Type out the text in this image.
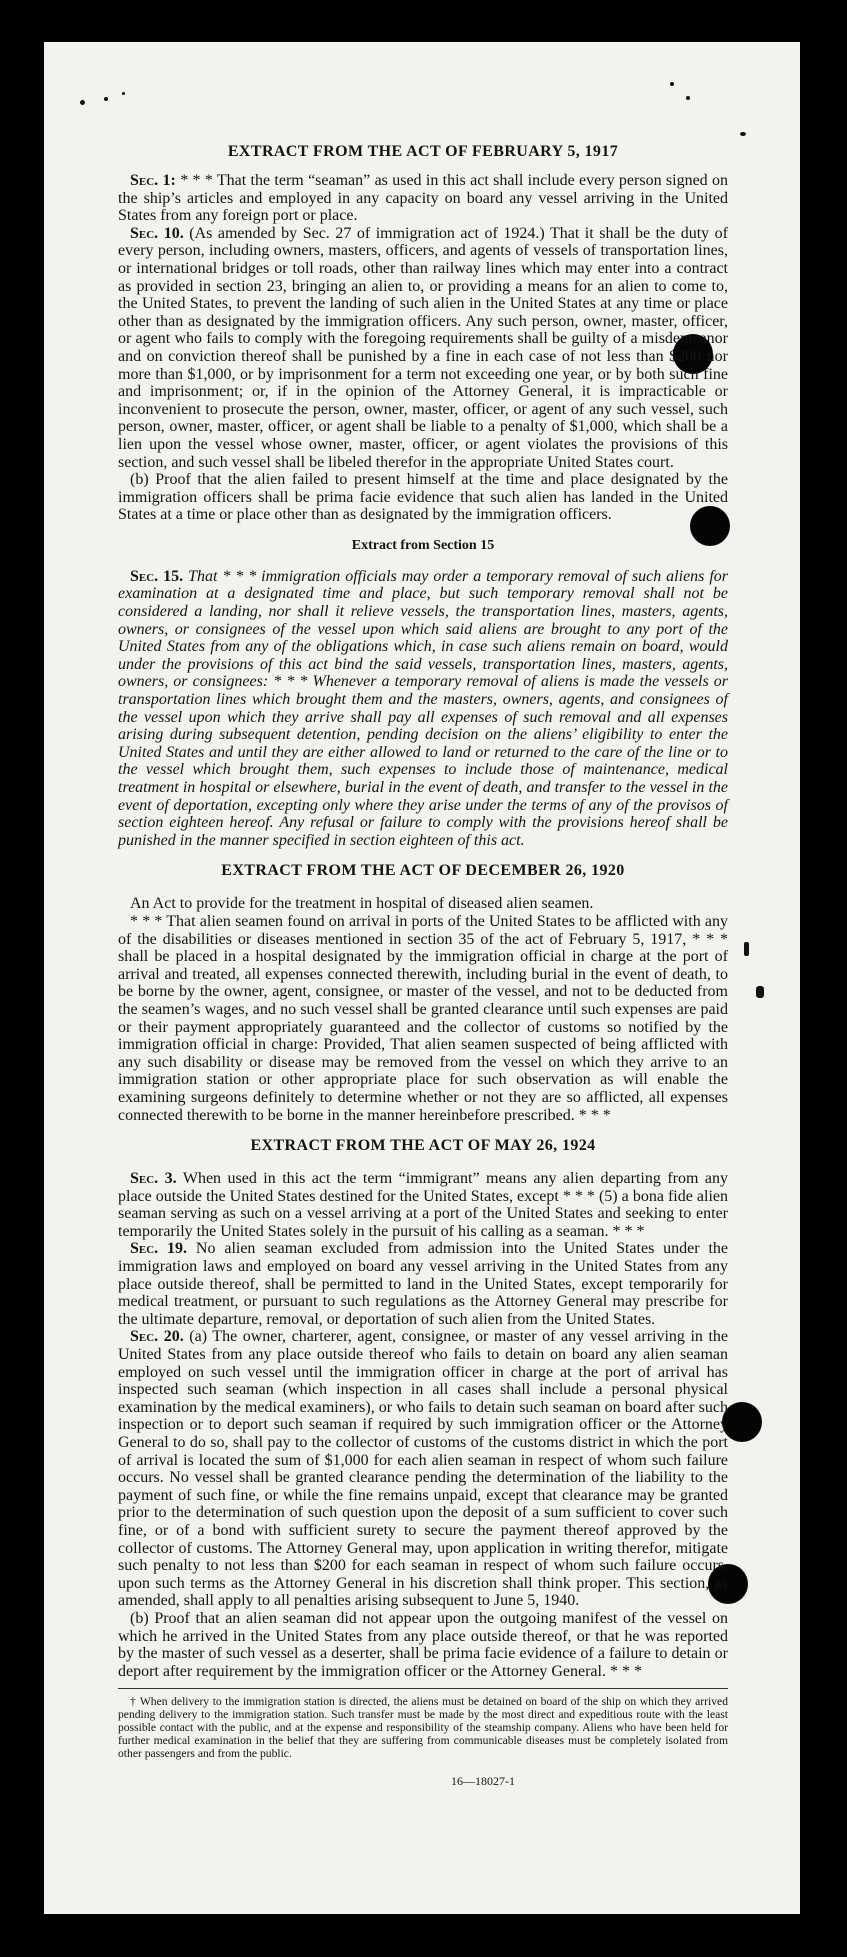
EXTRACT FROM THE ACT OF FEBRUARY 5, 1917

Sec. 1: * * * That the term “seaman” as used in this act shall include every person signed on the ship’s articles and employed in any capacity on board any vessel arriving in the United States from any foreign port or place.

Sec. 10. (As amended by Sec. 27 of immigration act of 1924.) That it shall be the duty of every person, including owners, masters, officers, and agents of vessels of transportation lines, or international bridges or toll roads, other than railway lines which may enter into a contract as provided in section 23, bringing an alien to, or providing a means for an alien to come to, the United States, to prevent the landing of such alien in the United States at any time or place other than as designated by the immigration officers. Any such person, owner, master, officer, or agent who fails to comply with the foregoing requirements shall be guilty of a misdemeanor and on conviction thereof shall be punished by a fine in each case of not less than $200 nor more than $1,000, or by imprisonment for a term not exceeding one year, or by both such fine and imprisonment; or, if in the opinion of the Attorney General, it is impracticable or inconvenient to prosecute the person, owner, master, officer, or agent of any such vessel, such person, owner, master, officer, or agent shall be liable to a penalty of $1,000, which shall be a lien upon the vessel whose owner, master, officer, or agent violates the provisions of this section, and such vessel shall be libeled therefor in the appropriate United States court.

(b) Proof that the alien failed to present himself at the time and place designated by the immigration officers shall be prima facie evidence that such alien has landed in the United States at a time or place other than as designated by the immigration officers.

Extract from Section 15

Sec. 15. That * * * immigration officials may order a temporary removal of such aliens for examination at a designated time and place, but such temporary removal shall not be considered a landing, nor shall it relieve vessels, the transportation lines, masters, agents, owners, or consignees of the vessel upon which said aliens are brought to any port of the United States from any of the obligations which, in case such aliens remain on board, would under the provisions of this act bind the said vessels, transportation lines, masters, agents, owners, or consignees: * * * Whenever a temporary removal of aliens is made the vessels or transportation lines which brought them and the masters, owners, agents, and consignees of the vessel upon which they arrive shall pay all expenses of such removal and all expenses arising during subsequent detention, pending decision on the aliens’ eligibility to enter the United States and until they are either allowed to land or returned to the care of the line or to the vessel which brought them, such expenses to include those of maintenance, medical treatment in hospital or elsewhere, burial in the event of death, and transfer to the vessel in the event of deportation, excepting only where they arise under the terms of any of the provisos of section eighteen hereof. Any refusal or failure to comply with the provisions hereof shall be punished in the manner specified in section eighteen of this act.

EXTRACT FROM THE ACT OF DECEMBER 26, 1920

An Act to provide for the treatment in hospital of diseased alien seamen.

* * * That alien seamen found on arrival in ports of the United States to be afflicted with any of the disabilities or diseases mentioned in section 35 of the act of February 5, 1917, * * * shall be placed in a hospital designated by the immigration official in charge at the port of arrival and treated, all expenses connected therewith, including burial in the event of death, to be borne by the owner, agent, consignee, or master of the vessel, and not to be deducted from the seamen’s wages, and no such vessel shall be granted clearance until such expenses are paid or their payment appropriately guaranteed and the collector of customs so notified by the immigration official in charge: Provided, That alien seamen suspected of being afflicted with any such disability or disease may be removed from the vessel on which they arrive to an immigration station or other appropriate place for such observation as will enable the examining surgeons definitely to determine whether or not they are so afflicted, all expenses connected therewith to be borne in the manner hereinbefore prescribed. * * *

EXTRACT FROM THE ACT OF MAY 26, 1924

Sec. 3. When used in this act the term “immigrant” means any alien departing from any place outside the United States destined for the United States, except * * * (5) a bona fide alien seaman serving as such on a vessel arriving at a port of the United States and seeking to enter temporarily the United States solely in the pursuit of his calling as a seaman. * * *

Sec. 19. No alien seaman excluded from admission into the United States under the immigration laws and employed on board any vessel arriving in the United States from any place outside thereof, shall be permitted to land in the United States, except temporarily for medical treatment, or pursuant to such regulations as the Attorney General may prescribe for the ultimate departure, removal, or deportation of such alien from the United States.

Sec. 20. (a) The owner, charterer, agent, consignee, or master of any vessel arriving in the United States from any place outside thereof who fails to detain on board any alien seaman employed on such vessel until the immigration officer in charge at the port of arrival has inspected such seaman (which inspection in all cases shall include a personal physical examination by the medical examiners), or who fails to detain such seaman on board after such inspection or to deport such seaman if required by such immigration officer or the Attorney General to do so, shall pay to the collector of customs of the customs district in which the port of arrival is located the sum of $1,000 for each alien seaman in respect of whom such failure occurs. No vessel shall be granted clearance pending the determination of the liability to the payment of such fine, or while the fine remains unpaid, except that clearance may be granted prior to the determination of such question upon the deposit of a sum sufficient to cover such fine, or of a bond with sufficient surety to secure the payment thereof approved by the collector of customs. The Attorney General may, upon application in writing therefor, mitigate such penalty to not less than $200 for each seaman in respect of whom such failure occurs, upon such terms as the Attorney General in his discretion shall think proper. This section, as amended, shall apply to all penalties arising subsequent to June 5, 1940.

(b) Proof that an alien seaman did not appear upon the outgoing manifest of the vessel on which he arrived in the United States from any place outside thereof, or that he was reported by the master of such vessel as a deserter, shall be prima facie evidence of a failure to detain or deport after requirement by the immigration officer or the Attorney General. * * *

† When delivery to the immigration station is directed, the aliens must be detained on board of the ship on which they arrived pending delivery to the immigration station. Such transfer must be made by the most direct and expeditious route with the least possible contact with the public, and at the expense and responsibility of the steamship company. Aliens who have been held for further medical examination in the belief that they are suffering from communicable diseases must be completely isolated from other passengers and from the public.

16—18027-1
